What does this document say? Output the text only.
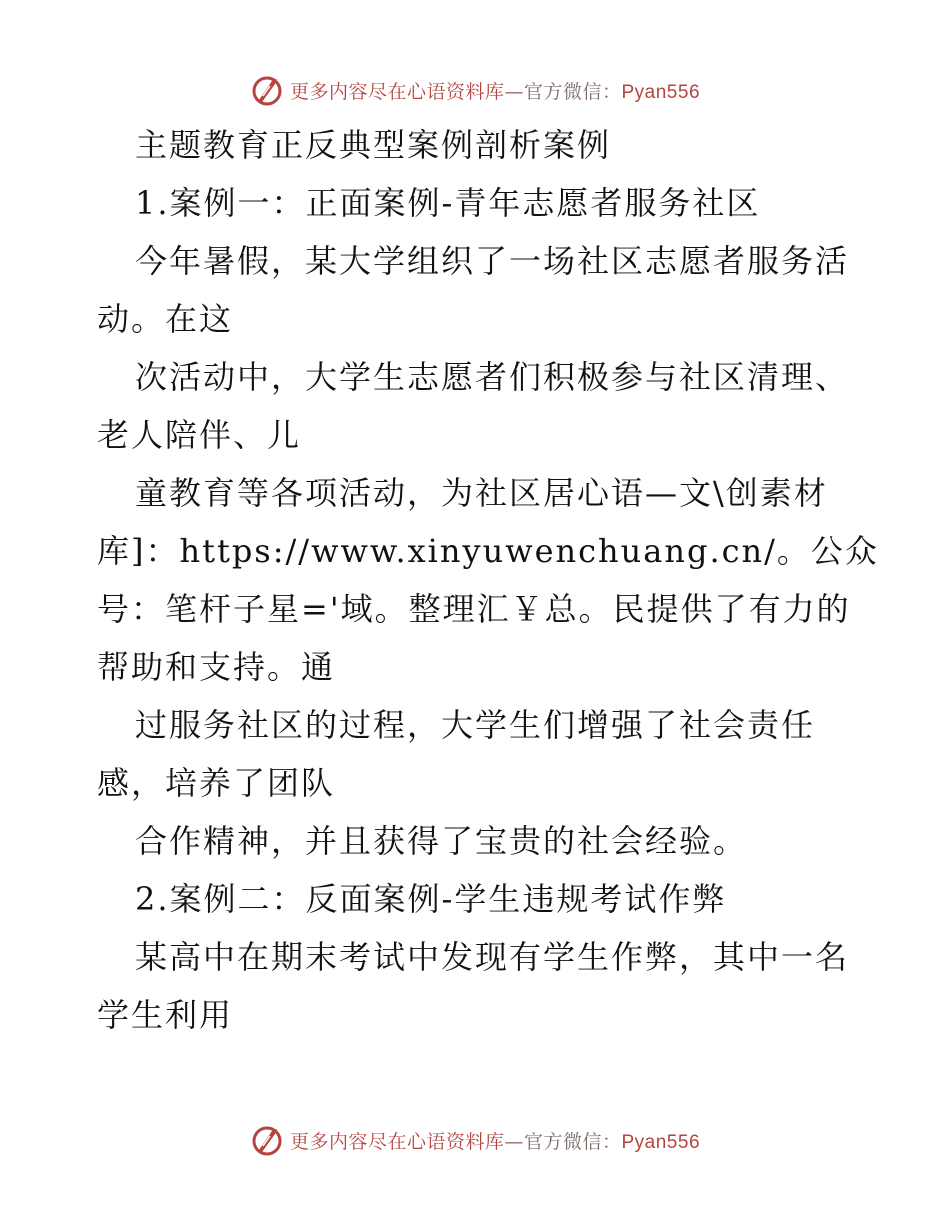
更多内容尽在心语资料库—官方微信：Pyan556
主题教育正反典型案例剖析案例
1.案例一：正面案例-青年志愿者服务社区
今年暑假，某大学组织了一场社区志愿者服务活
动。在这
次活动中，大学生志愿者们积极参与社区清理、
老人陪伴、儿
童教育等各项活动，为社区居心语—文\创素材
库]：https://www.xinyuwenchuang.cn/。公众
号：笔杆子星='域。整理汇￥总。民提供了有力的
帮助和支持。通
过服务社区的过程，大学生们增强了社会责任
感，培养了团队
合作精神，并且获得了宝贵的社会经验。
2.案例二：反面案例-学生违规考试作弊
某高中在期末考试中发现有学生作弊，其中一名
学生利用
更多内容尽在心语资料库—官方微信：Pyan556
